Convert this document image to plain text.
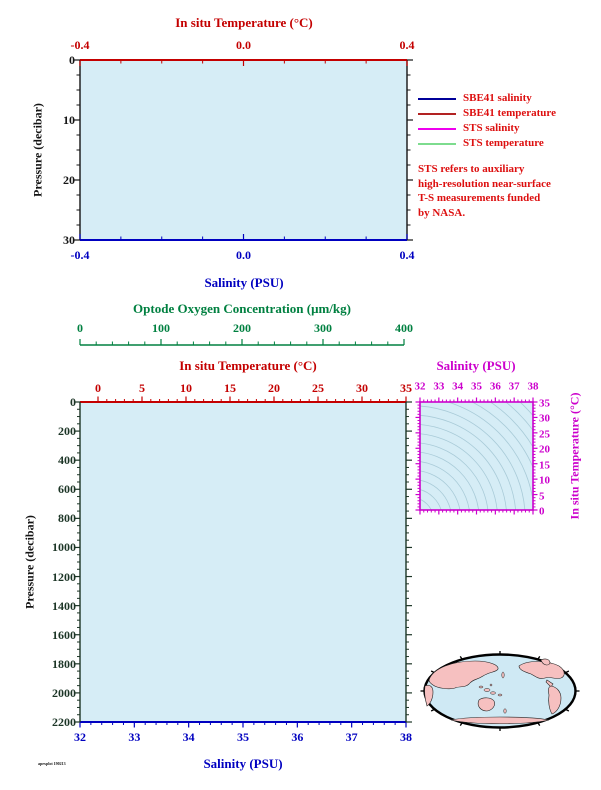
In situ Temperature (°C)
Pressure (decibar)
Salinity (PSU)
SBE41 salinity
SBE41 temperature
STS salinity
STS temperature
STS refers to auxiliary
high-resolution near-surface
T-S measurements funded
by NASA.
Optode Oxygen Concentration (μm/kg)
In situ Temperature (°C)
Pressure (decibar)
Salinity (PSU)
Salinity (PSU)
In situ Temperature (°C)
-0.4	0.0	0.4
-0.4	0.0	0.4
0
10
20
30
0	100	200	300	400
0	5	10	15	20	25	30	35
32	33	34	35	36	37	38
0
200
400
600
800
1000
1200
1400
1600
1800
2000
2200
32 33 34 35 36 37 38
35
30
25
20
15
10
5
0
apexplot 190213
